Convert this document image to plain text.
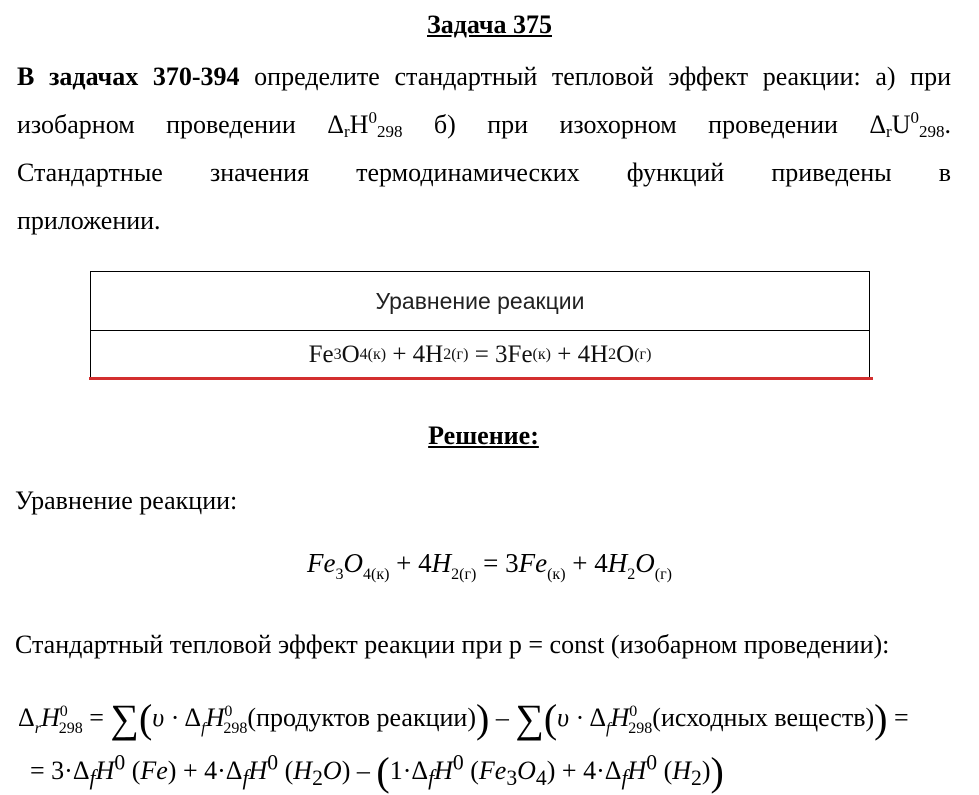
Задача 375
В задачах 370-394 определите стандартный тепловой эффект реакции: а) при
изобарном проведении $\Delta_rH^0_{298}$ б) при изохорном проведении $\Delta_rU^0_{298}$.
Стандартные значения термодинамических функций приведены в
приложении.
Уравнение реакции
Fe 3 O 4(к) + 4H 2(г) = 3Fe (к) + 4H 2 O (г)
Решение:
Уравнение реакции:
$Fe_3O_{4(к)} + 4H_{2(г)} = 3Fe_{(к)} + 4H_2O_{(г)}$
Стандартный тепловой эффект реакции при p = const (изобарном проведении):
$\Delta_rH^0_{298} = \sum(\upsilon$ · $\Delta_fH^0_{298}(продуктов$ реакции)) – $\sum(\upsilon \cdot \Delta_fH^0_{298}(исходных$ веществ)) =
= $3\cdot\Delta_fH^0$ $(Fe) + 4\cdot\Delta_fH^0$ $(H_2O) - (1\cdot\Delta_fH^0$ $(Fe_3O_4) + 4\cdot\Delta_fH^0$ $(H_2)$)
